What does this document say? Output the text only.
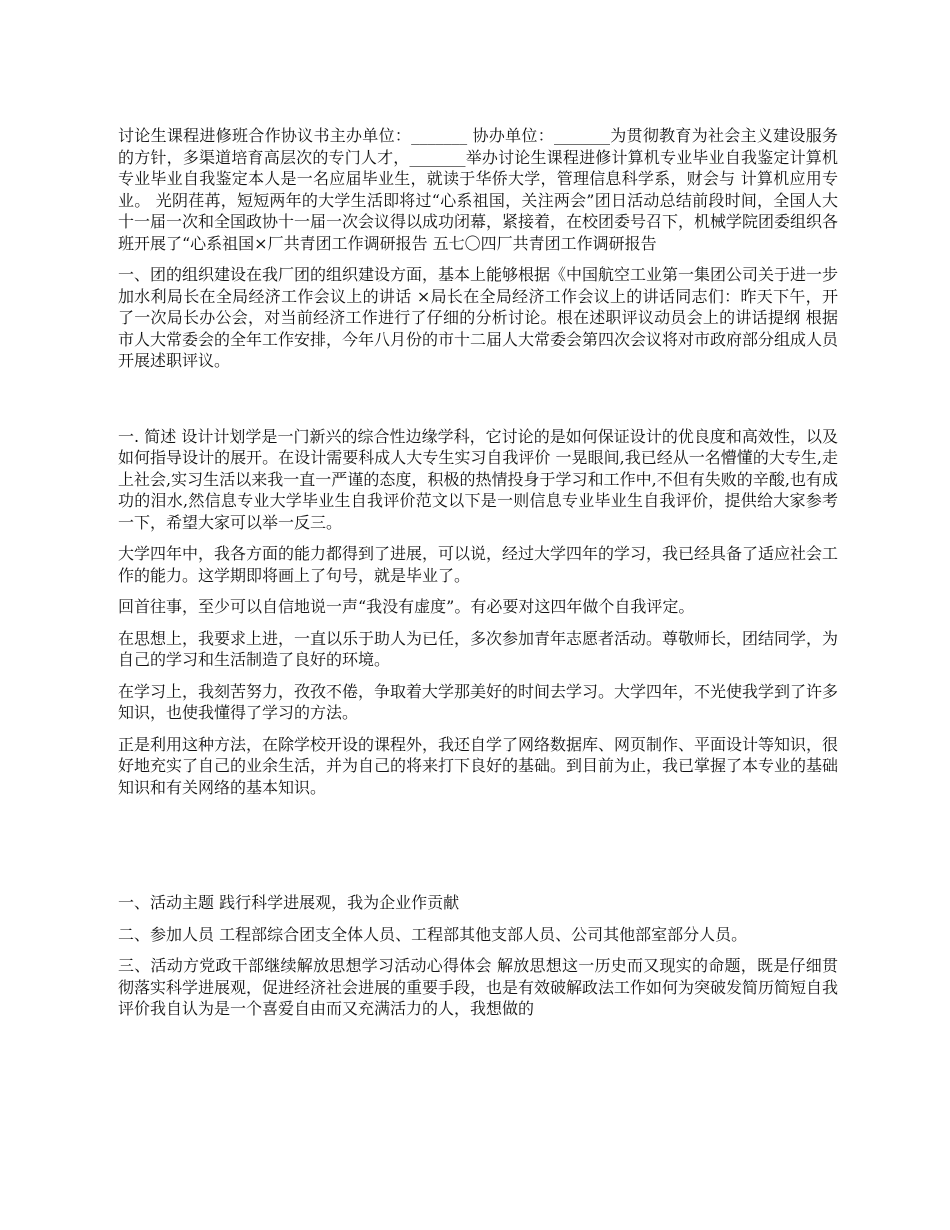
讨论生课程进修班合作协议书主办单位：_______ 协办单位：_______为贯彻教育为社会主义建设服务的方针，多渠道培育高层次的专门人才，_______举办讨论生课程进修计算机专业毕业自我鉴定计算机专业毕业自我鉴定本人是一名应届毕业生，就读于华侨大学，管理信息科学系，财会与 计算机应用专业。 光阴荏苒，短短两年的大学生活即将过“心系祖国，关注两会”团日活动总结前段时间，全国人大十一届一次和全国政协十一届一次会议得以成功闭幕，紧接着，在校团委号召下，机械学院团委组织各班开展了“心系祖国×厂共青团工作调研报告 五七〇四厂共青团工作调研报告

一、团的组织建设在我厂团的组织建设方面，基本上能够根据《中国航空工业第一集团公司关于进一步加水利局长在全局经济工作会议上的讲话 ×局长在全局经济工作会议上的讲话同志们：昨天下午，开了一次局长办公会，对当前经济工作进行了仔细的分析讨论。根在述职评议动员会上的讲话提纲 根据市人大常委会的全年工作安排，今年八月份的市十二届人大常委会第四次会议将对市政府部分组成人员开展述职评议。

一. 简述 设计计划学是一门新兴的综合性边缘学科，它讨论的是如何保证设计的优良度和高效性，以及如何指导设计的展开。在设计需要科成人大专生实习自我评价 一晃眼间,我已经从一名懵懂的大专生,走上社会,实习生活以来我一直一严谨的态度，积极的热情投身于学习和工作中,不但有失败的辛酸,也有成功的泪水,然信息专业大学毕业生自我评价范文以下是一则信息专业毕业生自我评价，提供给大家参考一下，希望大家可以举一反三。

大学四年中，我各方面的能力都得到了进展，可以说，经过大学四年的学习，我已经具备了适应社会工作的能力。这学期即将画上了句号，就是毕业了。

回首往事，至少可以自信地说一声“我没有虚度”。有必要对这四年做个自我评定。

在思想上，我要求上进，一直以乐于助人为已任，多次参加青年志愿者活动。尊敬师长，团结同学，为自己的学习和生活制造了良好的环境。

在学习上，我刻苦努力，孜孜不倦，争取着大学那美好的时间去学习。大学四年，不光使我学到了许多知识，也使我懂得了学习的方法。

正是利用这种方法，在除学校开设的课程外，我还自学了网络数据库、网页制作、平面设计等知识，很好地充实了自己的业余生活，并为自己的将来打下良好的基础。到目前为止，我已掌握了本专业的基础知识和有关网络的基本知识。

一、活动主题 践行科学进展观，我为企业作贡献

二、参加人员 工程部综合团支全体人员、工程部其他支部人员、公司其他部室部分人员。

三、活动方党政干部继续解放思想学习活动心得体会 解放思想这一历史而又现实的命题，既是仔细贯彻落实科学进展观，促进经济社会进展的重要手段，也是有效破解政法工作如何为突破发简历简短自我评价我自认为是一个喜爱自由而又充满活力的人，我想做的
